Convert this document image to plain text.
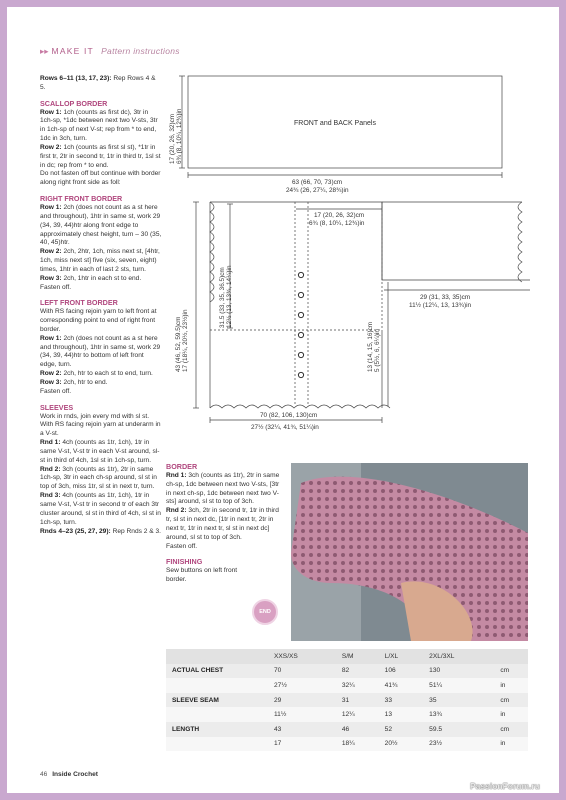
▸▸ MAKE IT Pattern instructions

Rows 6–11 (13, 17, 23): Rep Rows 4 & 5.

SCALLOP BORDER

Row 1: 1ch (counts as first dc), 3tr in 1ch-sp, *1dc between next two V-sts, 3tr in 1ch-sp of next V-st; rep from * to end, 1dc in 3ch, turn.

Row 2: 1ch (counts as first sl st), *1tr in first tr, 2tr in second tr, 1tr in third tr, 1sl st in dc; rep from * to end.

Do not fasten off but continue with border along right front side as foll:

RIGHT FRONT BORDER

Row 1: 2ch (does not count as a st here and throughout), 1htr in same st, work 29 (34, 39, 44)htr along front edge to approximately chest height, turn – 30 (35, 40, 45)htr.

Row 2: 2ch, 2htr, 1ch, miss next st, [4htr, 1ch, miss next st] five (six, seven, eight) times, 1htr in each of last 2 sts, turn.

Row 3: 2ch, 1htr in each st to end.

Fasten off.

LEFT FRONT BORDER

With RS facing rejoin yarn to left front at corresponding point to end of right front border.

Row 1: 2ch (does not count as a st here and throughout), 1htr in same st, work 29 (34, 39, 44)htr to bottom of left front edge, turn.

Row 2: 2ch, htr to each st to end, turn.

Row 3: 2ch, htr to end.

Fasten off.

SLEEVES

Work in rnds, join every rnd with sl st.

With RS facing rejoin yarn at underarm in a V-st.

Rnd 1: 4ch (counts as 1tr, 1ch), 1tr in same V-st, V-st tr in each V-st around, sl-st in third of 4ch, 1sl st in 1ch-sp, turn.

Rnd 2: 3ch (counts as 1tr), 2tr in same 1ch-sp, 3tr in each ch-sp around, sl st in top of 3ch, miss 1tr, sl st in next tr, turn.

Rnd 3: 4ch (counts as 1tr, 1ch), 1tr in same V-st, V-st tr in second tr of each 3tr cluster around, sl st in third of 4ch, sl st in 1ch-sp, turn.

Rnds 4–23 (25, 27, 29): Rep Rnds 2 & 3.

FRONT and BACK Panels
17 (20, 26, 32)cm 6¾ (8, 10¼, 12¾)in
63 (66, 70, 73)cm
24¾ (26, 27¼, 28¾)in
17 (20, 26, 32)cm
6¾ (8, 10¼, 12¾)in
31.5 (33, 35, 36.5)cm 12½ (13, 13¾, 14¼)in
43 (46, 52, 59.5)cm 17 (18¼, 20½, 23½)in
29 (31, 33, 35)cm
11½ (12¼, 13, 13¾)in
13 (14, 15, 16)cm 5 (5½, 6, 6¼)in
70 (82, 106, 130)cm
27½ (32¼, 41¾, 51¼)in
BORDER

Rnd 1: 3ch (counts as 1tr), 2tr in same ch-sp, 1dc between next two V-sts, [3tr in next ch-sp, 1dc between next two V-sts] around, sl st to top of 3ch.

Rnd 2: 3ch, 2tr in second tr, 1tr in third tr, sl st in next dc, [1tr in next tr, 2tr in next tr, 1tr in next tr, sl st in next dc] around, sl st to top of 3ch.

Fasten off.

FINISHING

Sew buttons on left front border.

END
	XXS/XS	S/M	L/XL	2XL/3XL	
ACTUAL CHEST	70	82	106	130	cm
	27½	32¼	41¾	51¼	in
SLEEVE SEAM	29	31	33	35	cm
	11½	12¼	13	13¾	in
LENGTH	43	46	52	59.5	cm
	17	18¼	20½	23½	in
46 Inside Crochet
PassionForum.ru
